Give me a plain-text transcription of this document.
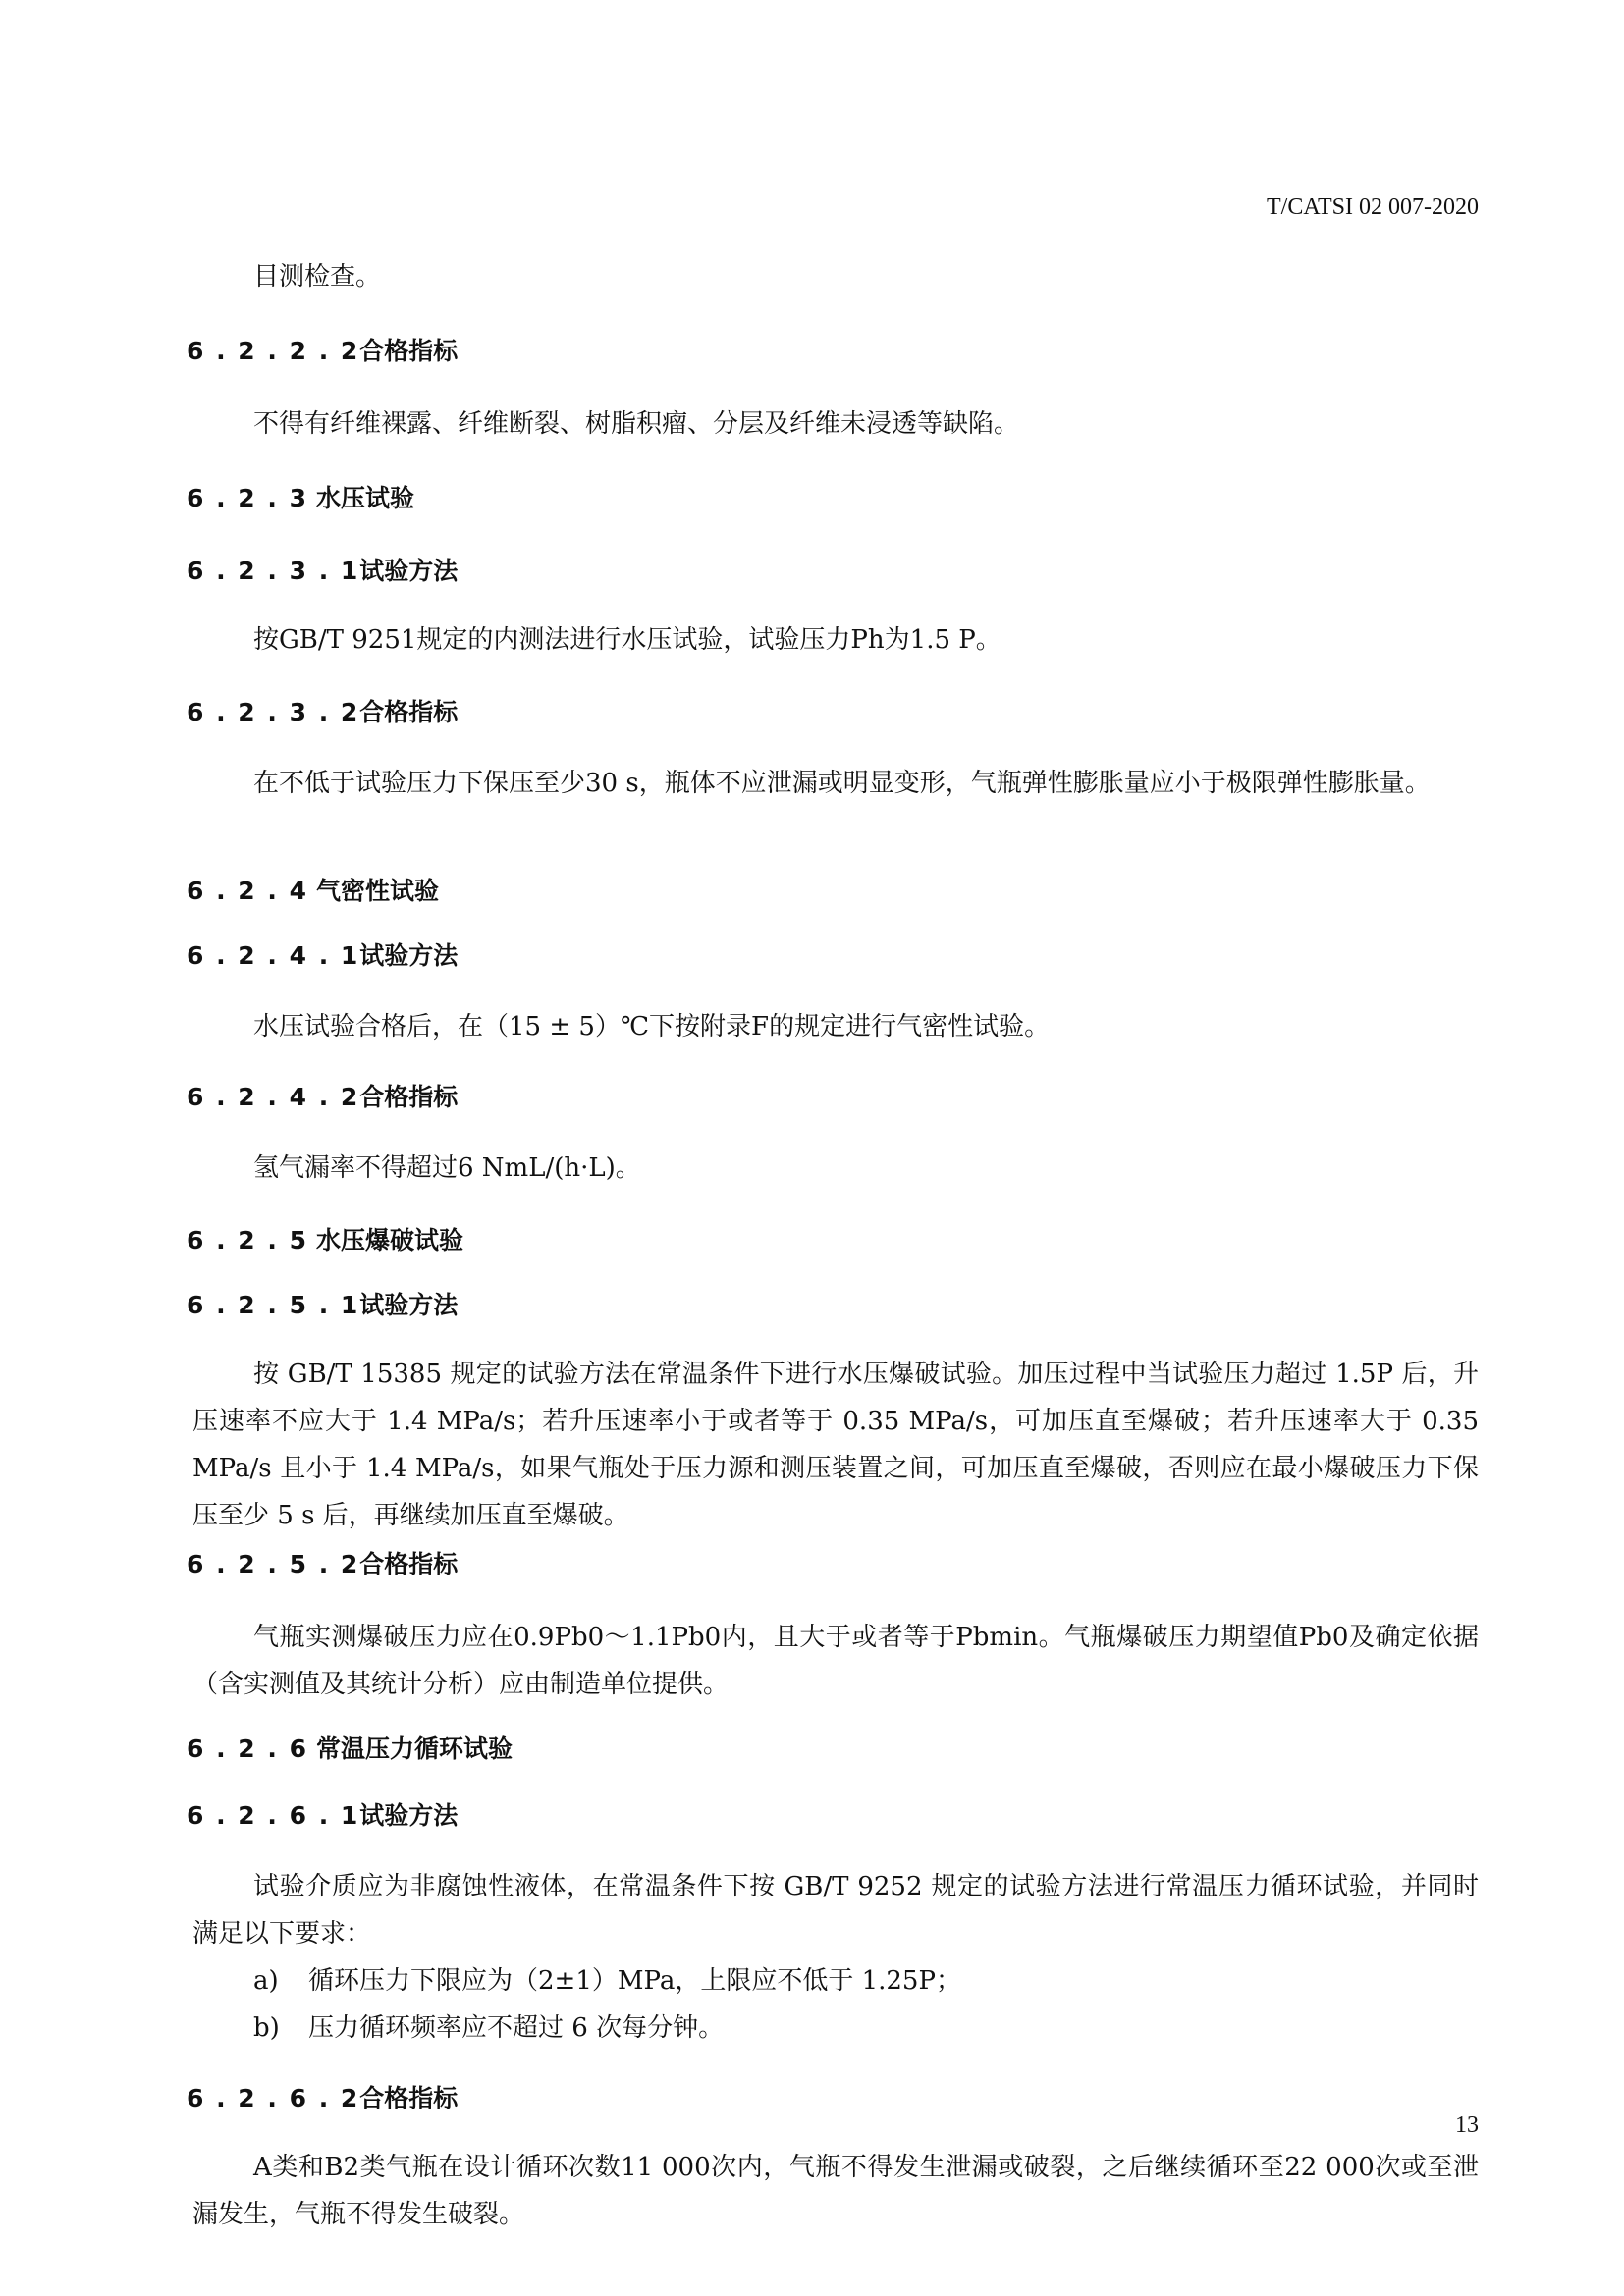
T/CATSI 02 007-2020
目测检查。
6 . 2 . 2 . 2合格指标
不得有纤维裸露、纤维断裂、树脂积瘤、分层及纤维未浸透等缺陷。
6 . 2 . 3 水压试验
6 . 2 . 3 . 1试验方法
按GB/T 9251规定的内测法进行水压试验，试验压力Ph为1.5 P。
6 . 2 . 3 . 2合格指标
在不低于试验压力下保压至少30 s，瓶体不应泄漏或明显变形，气瓶弹性膨胀量应小于极限弹性膨胀量。
6 . 2 . 4 气密性试验
6 . 2 . 4 . 1试验方法
水压试验合格后，在（15 ± 5）℃下按附录F的规定进行气密性试验。
6 . 2 . 4 . 2合格指标
氢气漏率不得超过6 NmL/(h·L)。
6 . 2 . 5 水压爆破试验
6 . 2 . 5 . 1试验方法
按 GB/T 15385 规定的试验方法在常温条件下进行水压爆破试验。加压过程中当试验压力超过 1.5P 后，升压速率不应大于 1.4 MPa/s；若升压速率小于或者等于 0.35 MPa/s，可加压直至爆破；若升压速率大于 0.35 MPa/s 且小于 1.4 MPa/s，如果气瓶处于压力源和测压装置之间，可加压直至爆破，否则应在最小爆破压力下保压至少 5 s 后，再继续加压直至爆破。
6 . 2 . 5 . 2合格指标
气瓶实测爆破压力应在0.9Pb0～1.1Pb0内，且大于或者等于Pbmin。气瓶爆破压力期望值Pb0及确定依据（含实测值及其统计分析）应由制造单位提供。
6 . 2 . 6 常温压力循环试验
6 . 2 . 6 . 1试验方法
试验介质应为非腐蚀性液体，在常温条件下按 GB/T 9252 规定的试验方法进行常温压力循环试验，并同时满足以下要求：
a) 循环压力下限应为（2±1）MPa，上限应不低于 1.25P；
b) 压力循环频率应不超过 6 次每分钟。
6 . 2 . 6 . 2合格指标
A类和B2类气瓶在设计循环次数11 000次内，气瓶不得发生泄漏或破裂，之后继续循环至22 000次或至泄漏发生，气瓶不得发生破裂。
13
